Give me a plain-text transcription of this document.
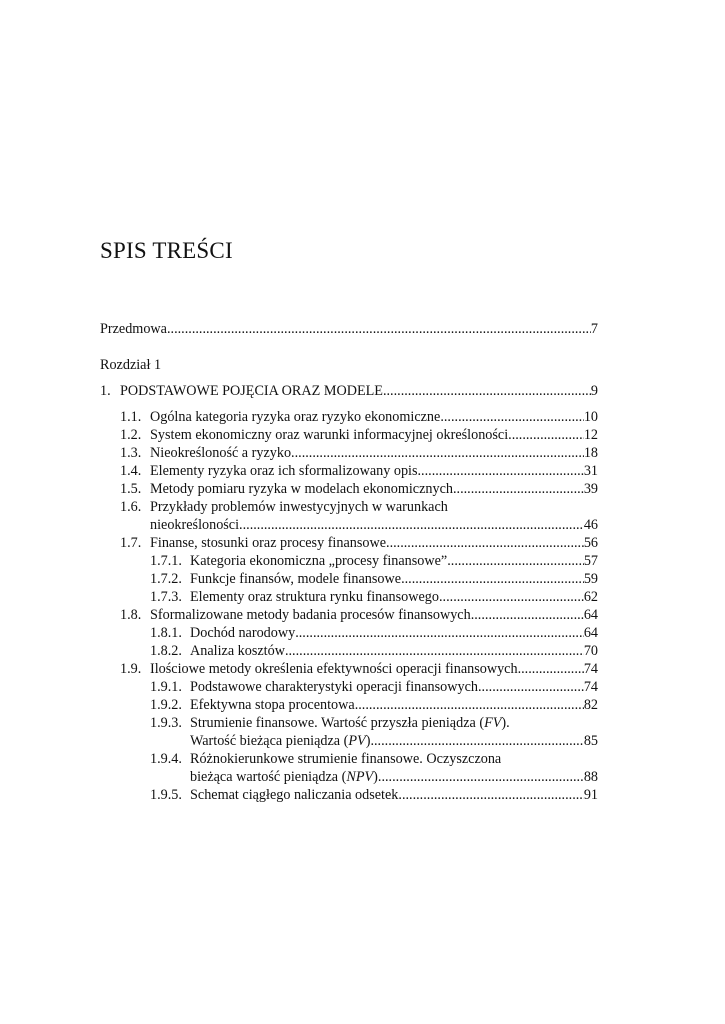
SPIS TREŚCI
Przedmowa .....	7
Rozdział 1
1. PODSTAWOWE POJĘCIA ORAZ MODELE .....	9
1.1. Ogólna kategoria ryzyka oraz ryzyko ekonomiczne .....	10
1.2. System ekonomiczny oraz warunki informacyjnej określoności .....	12
1.3. Nieokreśloność a ryzyko .....	18
1.4. Elementy ryzyka oraz ich sformalizowany opis .....	31
1.5. Metody pomiaru ryzyka w modelach ekonomicznych .....	39
1.6. Przykłady problemów inwestycyjnych w warunkach
nieokreśloności .....	46
1.7. Finanse, stosunki oraz procesy finansowe .....	56
1.7.1. Kategoria ekonomiczna „procesy finansowe” .....	57
1.7.2. Funkcje finansów, modele finansowe .....	59
1.7.3. Elementy oraz struktura rynku finansowego .....	62
1.8. Sformalizowane metody badania procesów finansowych .....	64
1.8.1. Dochód narodowy .....	64
1.8.2. Analiza kosztów .....	70
1.9. Ilościowe metody określenia efektywności operacji finansowych .....	74
1.9.1. Podstawowe charakterystyki operacji finansowych .....	74
1.9.2. Efektywna stopa procentowa .....	82
1.9.3. Strumienie finansowe. Wartość przyszła pieniądza (FV).
Wartość bieżąca pieniądza (PV) .....	85
1.9.4. Różnokierunkowe strumienie finansowe. Oczyszczona
bieżąca wartość pieniądza (NPV) .....	88
1.9.5. Schemat ciągłego naliczania odsetek .....	91
